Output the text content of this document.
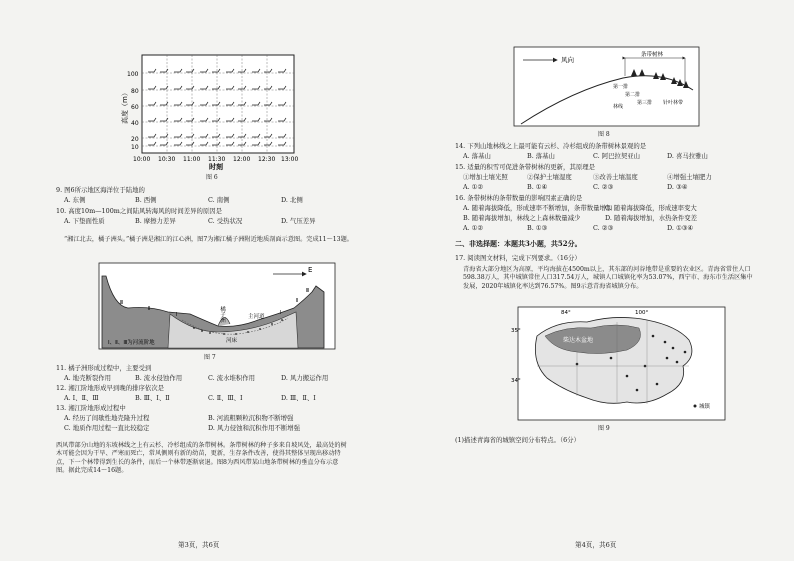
高度（m）
100
80
60
40
20
10
10:00 10:30 11:00 11:30 12:00 12:30 13:00
时刻
图 6
9. 图6所示地区海洋位于陆地的
A. 东侧	B. 西侧	C. 南侧	D. 北侧
10. 高度10m—100m之间陆风转海风的时间差异的原因是
A. 下垫面性质	B. 摩擦力差异	C. 受热状况	D. 气压差异
“湘江北去，橘子洲头。”橘子洲是湘江的江心洲，图7为湘江橘子洲附近地质剖面示意图。完成11～13题。
E
橘子洲	主河道
河床
Ⅰ、Ⅱ、Ⅲ为河流阶地
Ⅲ
Ⅱ
Ⅰ	Ⅰ
Ⅱ
Ⅲ
图 7
11. 橘子洲形成过程中，主要受到
A. 地壳断裂作用	B. 流水侵蚀作用	C. 流水堆积作用	D. 风力搬运作用
12. 湘江阶地形成早到晚的排序依次是
A. Ⅰ、Ⅱ、Ⅲ	B. Ⅲ、Ⅰ、Ⅱ	C. Ⅱ、Ⅲ、Ⅰ	D. Ⅲ、Ⅱ、Ⅰ
13. 湘江阶地形成过程中
A. 经历了间歇性地壳隆升过程	B. 河流粗颗粒沉积物不断增强
C. 地质作用过程一直比较稳定	D. 风力侵蚀和沉积作用不断增强
西风带部分山地的东坡林线之上有云杉、冷杉组成的条带树林。条带树林的种子多来自坡风处，最高处的树木可能会因为干旱、严寒而死亡，常风侧则有新的幼苗，更新，生存条件改善，使得其整体呈现出移动特点，下一个林带得到生长的条件，而后一个林带逐渐衰退。图8为西风带某山地条带树林的垂直分布示意图。据此完成14～16题。
第3页，共6页
风向
条带树林
第一排
第二排
第三排
林线
针叶林带
图 8
14. 下列山地林线之上最可能有云杉、冷杉组成的条带树林景观的是
A. 落基山	B. 落基山	C. 阿巴拉契亚山	D. 喜马拉雅山
15. 适量的积雪可促进条带树林的更新，其原理是
①增加土壤光照	②保护土壤湿度	③改善土壤温度	④增强土壤肥力
A. ①②	B. ①④	C. ②③	D. ③④
16. 条带树林的条带数量的影响因素正确的是
A. 随着海拔降低，形成速率不断增加，条带数量增加
B. 随着海拔增加，林线之上森林数量减少
C. 随着海拔降低，形成速率变大
D. 随着海拔增加，水热条件变差
A. ①②	B. ①③	C. ②③	D. ①③④
二、非选择题：本题共3小题，共52分。
17. 阅读图文材料，完成下列要求。（16分）
青海省大部分地区为高原，平均海拔在4500m以上，其东部的河谷地带是重要的农业区。青海省常住人口598.38万人，其中城镇常住人口317.54万人，城镇人口城镇化率为53.07%，西宁市、海东市生活区集中发展，2020年城镇化率达到76.57%。图9示意青海省城镇分布。
84°	100°
35°
34°
柴达木盆地
城镇
图 9
(1)描述青海省的城镇空间分布特点。（6分）
第4页，共6页
